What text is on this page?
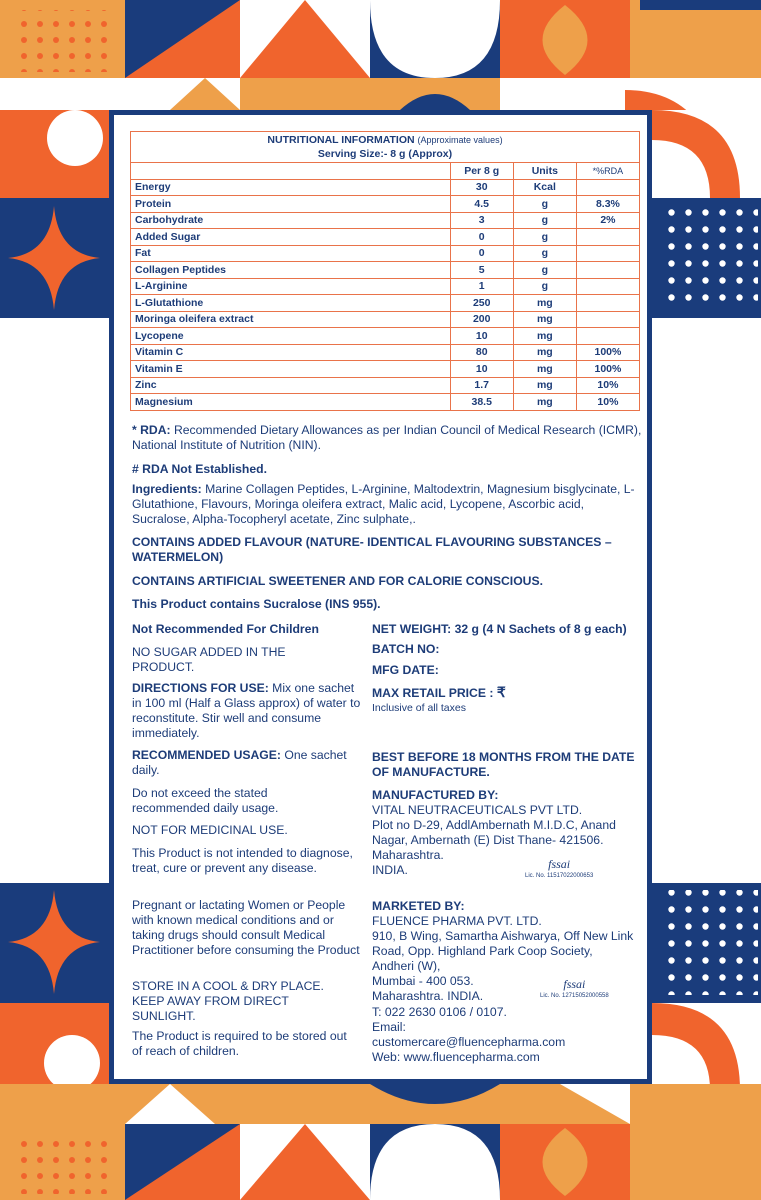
NUTRITIONAL INFORMATION (Approximate values)
Serving Size:- 8 g (Approx)			
	Per 8 g	Units	*%RDA
Energy	30	Kcal	
Protein	4.5	g	8.3%
Carbohydrate	3	g	2%
Added Sugar	0	g	
Fat	0	g	
Collagen Peptides	5	g	
L-Arginine	1	g	
L-Glutathione	250	mg	
Moringa oleifera extract	200	mg	
Lycopene	10	mg	
Vitamin C	80	mg	100%
Vitamin E	10	mg	100%
Zinc	1.7	mg	10%
Magnesium	38.5	mg	10%

* RDA: Recommended Dietary Allowances as per Indian Council of Medical Research (ICMR), National Institute of Nutrition (NIN).

# RDA Not Established.

Ingredients: Marine Collagen Peptides, L-Arginine, Maltodextrin, Magnesium bisglycinate, L-Glutathione, Flavours, Moringa oleifera extract, Malic acid, Lycopene, Ascorbic acid, Sucralose, Alpha-Tocopheryl acetate, Zinc sulphate,.

CONTAINS ADDED FLAVOUR (NATURE- IDENTICAL FLAVOURING SUBSTANCES – WATERMELON)

CONTAINS ARTIFICIAL SWEETENER AND FOR CALORIE CONSCIOUS.

This Product contains Sucralose (INS 955).

Not Recommended For Children

NO SUGAR ADDED IN THE PRODUCT.

DIRECTIONS FOR USE: Mix one sachet in 100 ml (Half a Glass approx) of water to reconstitute. Stir well and consume immediately.

RECOMMENDED USAGE: One sachet daily.

Do not exceed the stated recommended daily usage.

NOT FOR MEDICINAL USE.

This Product is not intended to diagnose, treat, cure or prevent any disease.

Pregnant or lactating Women or People with known medical conditions and or taking drugs should consult Medical Practitioner before consuming the Product

STORE IN A COOL & DRY PLACE. KEEP AWAY FROM DIRECT SUNLIGHT.

The Product is required to be stored out of reach of children.

NET WEIGHT: 32 g (4 N Sachets of 8 g each)

BATCH NO:

MFG DATE:

MAX RETAIL PRICE : ₹

Inclusive of all taxes

BEST BEFORE 18 MONTHS FROM THE DATE OF MANUFACTURE.

MANUFACTURED BY:

VITAL NEUTRACEUTICALS PVT LTD.

Plot no D-29, AddlAmbernath M.I.D.C, Anand Nagar, Ambernath (E) Dist Thane- 421506. Maharashtra.

INDIA.	fssai
Lic. No. 11517022000653

MARKETED BY:

FLUENCE PHARMA PVT. LTD.

910, B Wing, Samartha Aishwarya, Off New Link Road, Opp. Highland Park Coop Society, Andheri (W),

Mumbai - 400 053.

Maharashtra. INDIA.

fssai
Lic. No. 12715052000558

T: 022 2630 0106 / 0107.

Email:

customercare@fluencepharma.com

Web: www.fluencepharma.com
